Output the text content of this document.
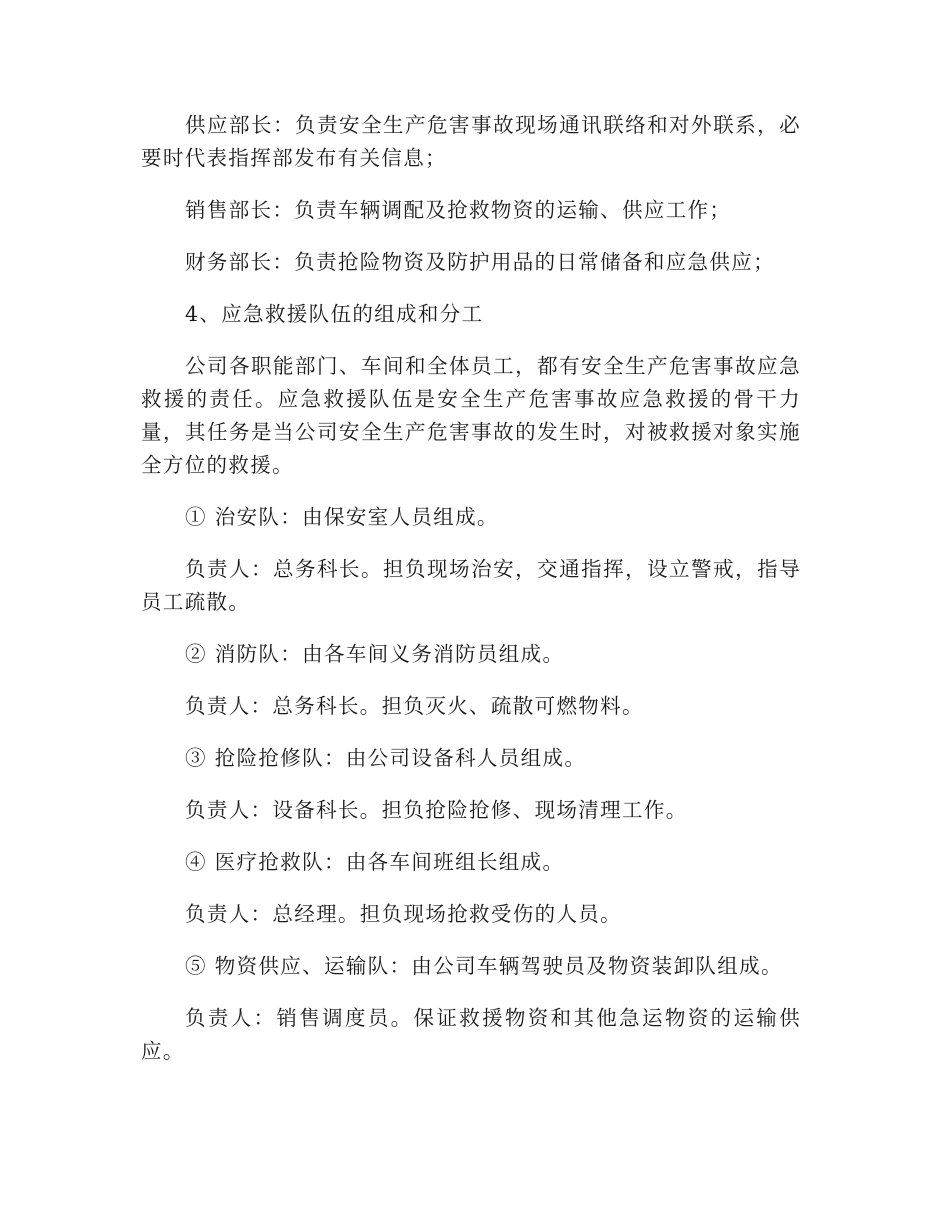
供应部长：负责安全生产危害事故现场通讯联络和对外联系，必要时代表指挥部发布有关信息；

销售部长：负责车辆调配及抢救物资的运输、供应工作；

财务部长：负责抢险物资及防护用品的日常储备和应急供应；

4、应急救援队伍的组成和分工

公司各职能部门、车间和全体员工，都有安全生产危害事故应急救援的责任。应急救援队伍是安全生产危害事故应急救援的骨干力量，其任务是当公司安全生产危害事故的发生时，对被救援对象实施全方位的救援。

① 治安队：由保安室人员组成。

负责人：总务科长。担负现场治安，交通指挥，设立警戒，指导员工疏散。

② 消防队：由各车间义务消防员组成。

负责人：总务科长。担负灭火、疏散可燃物料。

③ 抢险抢修队：由公司设备科人员组成。

负责人：设备科长。担负抢险抢修、现场清理工作。

④ 医疗抢救队：由各车间班组长组成。

负责人：总经理。担负现场抢救受伤的人员。

⑤ 物资供应、运输队：由公司车辆驾驶员及物资装卸队组成。

负责人：销售调度员。保证救援物资和其他急运物资的运输供应。
